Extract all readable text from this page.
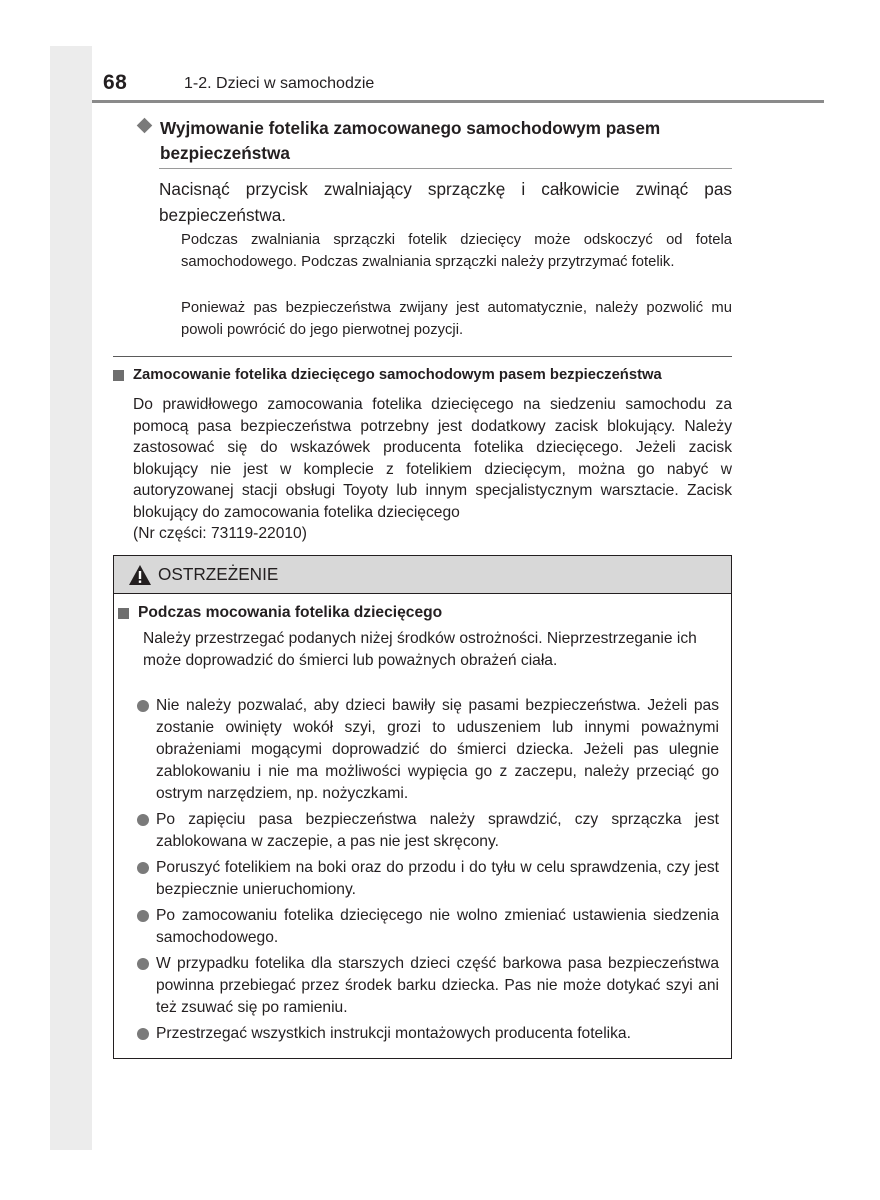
68	1-2. Dzieci w samochodzie
Wyjmowanie fotelika zamocowanego samochodowym pasem bezpieczeństwa

Nacisnąć przycisk zwalniający sprzączkę i całkowicie zwinąć pas bezpieczeństwa.

Podczas zwalniania sprzączki fotelik dziecięcy może odskoczyć od fotela samochodowego. Podczas zwalniania sprzączki należy przytrzymać fotelik.

Ponieważ pas bezpieczeństwa zwijany jest automatycznie, należy pozwolić mu powoli powrócić do jego pierwotnej pozycji.

Zamocowanie fotelika dziecięcego samochodowym pasem bezpieczeństwa
Do prawidłowego zamocowania fotelika dziecięcego na siedzeniu samochodu za pomocą pasa bezpieczeństwa potrzebny jest dodatkowy zacisk blokujący. Należy zastosować się do wskazówek producenta fotelika dziecięcego. Jeżeli zacisk blokujący nie jest w komplecie z fotelikiem dziecięcym, można go nabyć w autoryzowanej stacji obsługi Toyoty lub innym specjalistycznym warsztacie. Zacisk blokujący do zamocowania fotelika dziecięcego
(Nr części: 73119-22010)
OSTRZEŻENIE
Podczas mocowania fotelika dziecięcego

Należy przestrzegać podanych niżej środków ostrożności. Nieprzestrzeganie ich może doprowadzić do śmierci lub poważnych obrażeń ciała.

Nie należy pozwalać, aby dzieci bawiły się pasami bezpieczeństwa. Jeżeli pas zostanie owinięty wokół szyi, grozi to uduszeniem lub innymi poważnymi obrażeniami mogącymi doprowadzić do śmierci dziecka. Jeżeli pas ulegnie zablokowaniu i nie ma możliwości wypięcia go z zaczepu, należy przeciąć go ostrym narzędziem, np. nożyczkami.
Po zapięciu pasa bezpieczeństwa należy sprawdzić, czy sprzączka jest zablokowana w zaczepie, a pas nie jest skręcony.
Poruszyć fotelikiem na boki oraz do przodu i do tyłu w celu sprawdzenia, czy jest bezpiecznie unieruchomiony.
Po zamocowaniu fotelika dziecięcego nie wolno zmieniać ustawienia siedzenia samochodowego.
W przypadku fotelika dla starszych dzieci część barkowa pasa bezpieczeństwa powinna przebiegać przez środek barku dziecka. Pas nie może dotykać szyi ani też zsuwać się po ramieniu.
Przestrzegać wszystkich instrukcji montażowych producenta fotelika.
